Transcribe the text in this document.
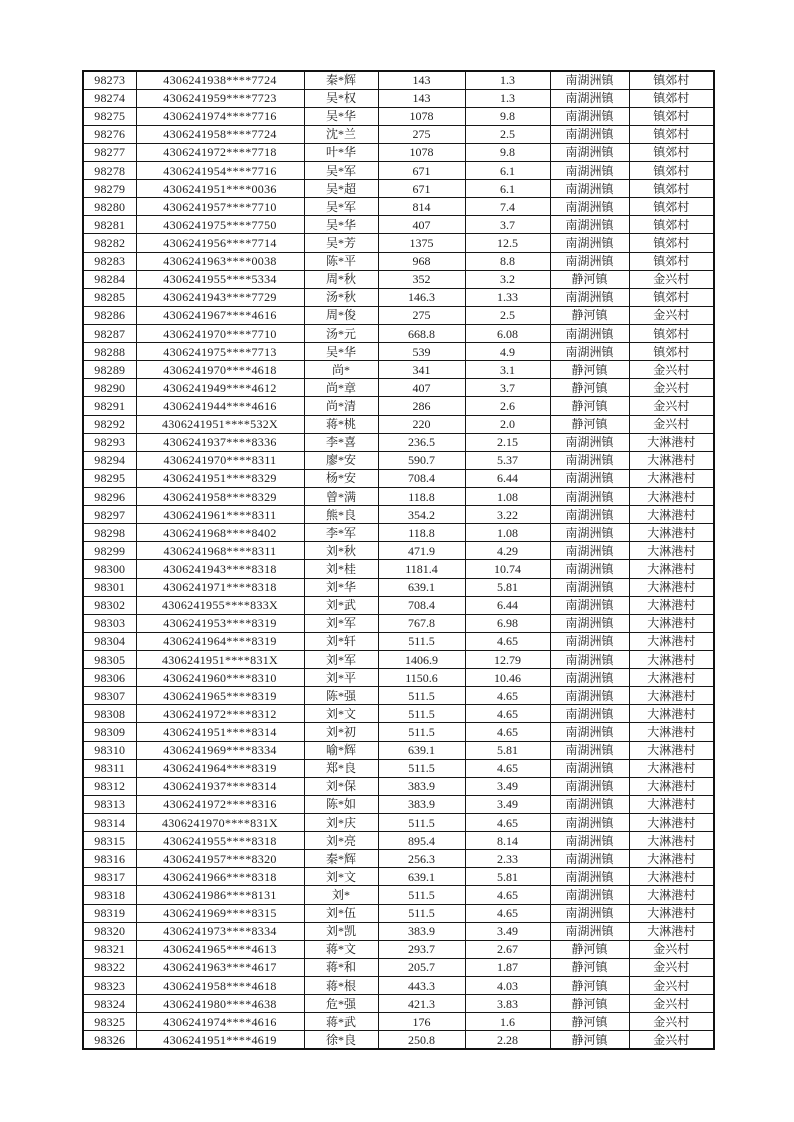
98273	4306241938****7724	秦*辉	143	1.3	南湖洲镇	镇郊村
98274	4306241959****7723	吴*权	143	1.3	南湖洲镇	镇郊村
98275	4306241974****7716	吴*华	1078	9.8	南湖洲镇	镇郊村
98276	4306241958****7724	沈*兰	275	2.5	南湖洲镇	镇郊村
98277	4306241972****7718	叶*华	1078	9.8	南湖洲镇	镇郊村
98278	4306241954****7716	吴*军	671	6.1	南湖洲镇	镇郊村
98279	4306241951****0036	吴*超	671	6.1	南湖洲镇	镇郊村
98280	4306241957****7710	吴*军	814	7.4	南湖洲镇	镇郊村
98281	4306241975****7750	吴*华	407	3.7	南湖洲镇	镇郊村
98282	4306241956****7714	吴*芳	1375	12.5	南湖洲镇	镇郊村
98283	4306241963****0038	陈*平	968	8.8	南湖洲镇	镇郊村
98284	4306241955****5334	周*秋	352	3.2	静河镇	金兴村
98285	4306241943****7729	汤*秋	146.3	1.33	南湖洲镇	镇郊村
98286	4306241967****4616	周*俊	275	2.5	静河镇	金兴村
98287	4306241970****7710	汤*元	668.8	6.08	南湖洲镇	镇郊村
98288	4306241975****7713	吴*华	539	4.9	南湖洲镇	镇郊村
98289	4306241970****4618	尚*	341	3.1	静河镇	金兴村
98290	4306241949****4612	尚*章	407	3.7	静河镇	金兴村
98291	4306241944****4616	尚*清	286	2.6	静河镇	金兴村
98292	4306241951****532X	蒋*桃	220	2.0	静河镇	金兴村
98293	4306241937****8336	李*喜	236.5	2.15	南湖洲镇	大淋港村
98294	4306241970****8311	廖*安	590.7	5.37	南湖洲镇	大淋港村
98295	4306241951****8329	杨*安	708.4	6.44	南湖洲镇	大淋港村
98296	4306241958****8329	曾*满	118.8	1.08	南湖洲镇	大淋港村
98297	4306241961****8311	熊*良	354.2	3.22	南湖洲镇	大淋港村
98298	4306241968****8402	李*军	118.8	1.08	南湖洲镇	大淋港村
98299	4306241968****8311	刘*秋	471.9	4.29	南湖洲镇	大淋港村
98300	4306241943****8318	刘*桂	1181.4	10.74	南湖洲镇	大淋港村
98301	4306241971****8318	刘*华	639.1	5.81	南湖洲镇	大淋港村
98302	4306241955****833X	刘*武	708.4	6.44	南湖洲镇	大淋港村
98303	4306241953****8319	刘*军	767.8	6.98	南湖洲镇	大淋港村
98304	4306241964****8319	刘*轩	511.5	4.65	南湖洲镇	大淋港村
98305	4306241951****831X	刘*军	1406.9	12.79	南湖洲镇	大淋港村
98306	4306241960****8310	刘*平	1150.6	10.46	南湖洲镇	大淋港村
98307	4306241965****8319	陈*强	511.5	4.65	南湖洲镇	大淋港村
98308	4306241972****8312	刘*文	511.5	4.65	南湖洲镇	大淋港村
98309	4306241951****8314	刘*初	511.5	4.65	南湖洲镇	大淋港村
98310	4306241969****8334	喻*辉	639.1	5.81	南湖洲镇	大淋港村
98311	4306241964****8319	郑*良	511.5	4.65	南湖洲镇	大淋港村
98312	4306241937****8314	刘*保	383.9	3.49	南湖洲镇	大淋港村
98313	4306241972****8316	陈*如	383.9	3.49	南湖洲镇	大淋港村
98314	4306241970****831X	刘*庆	511.5	4.65	南湖洲镇	大淋港村
98315	4306241955****8318	刘*亮	895.4	8.14	南湖洲镇	大淋港村
98316	4306241957****8320	秦*辉	256.3	2.33	南湖洲镇	大淋港村
98317	4306241966****8318	刘*文	639.1	5.81	南湖洲镇	大淋港村
98318	4306241986****8131	刘*	511.5	4.65	南湖洲镇	大淋港村
98319	4306241969****8315	刘*伍	511.5	4.65	南湖洲镇	大淋港村
98320	4306241973****8334	刘*凯	383.9	3.49	南湖洲镇	大淋港村
98321	4306241965****4613	蒋*文	293.7	2.67	静河镇	金兴村
98322	4306241963****4617	蒋*和	205.7	1.87	静河镇	金兴村
98323	4306241958****4618	蒋*根	443.3	4.03	静河镇	金兴村
98324	4306241980****4638	危*强	421.3	3.83	静河镇	金兴村
98325	4306241974****4616	蒋*武	176	1.6	静河镇	金兴村
98326	4306241951****4619	徐*良	250.8	2.28	静河镇	金兴村
